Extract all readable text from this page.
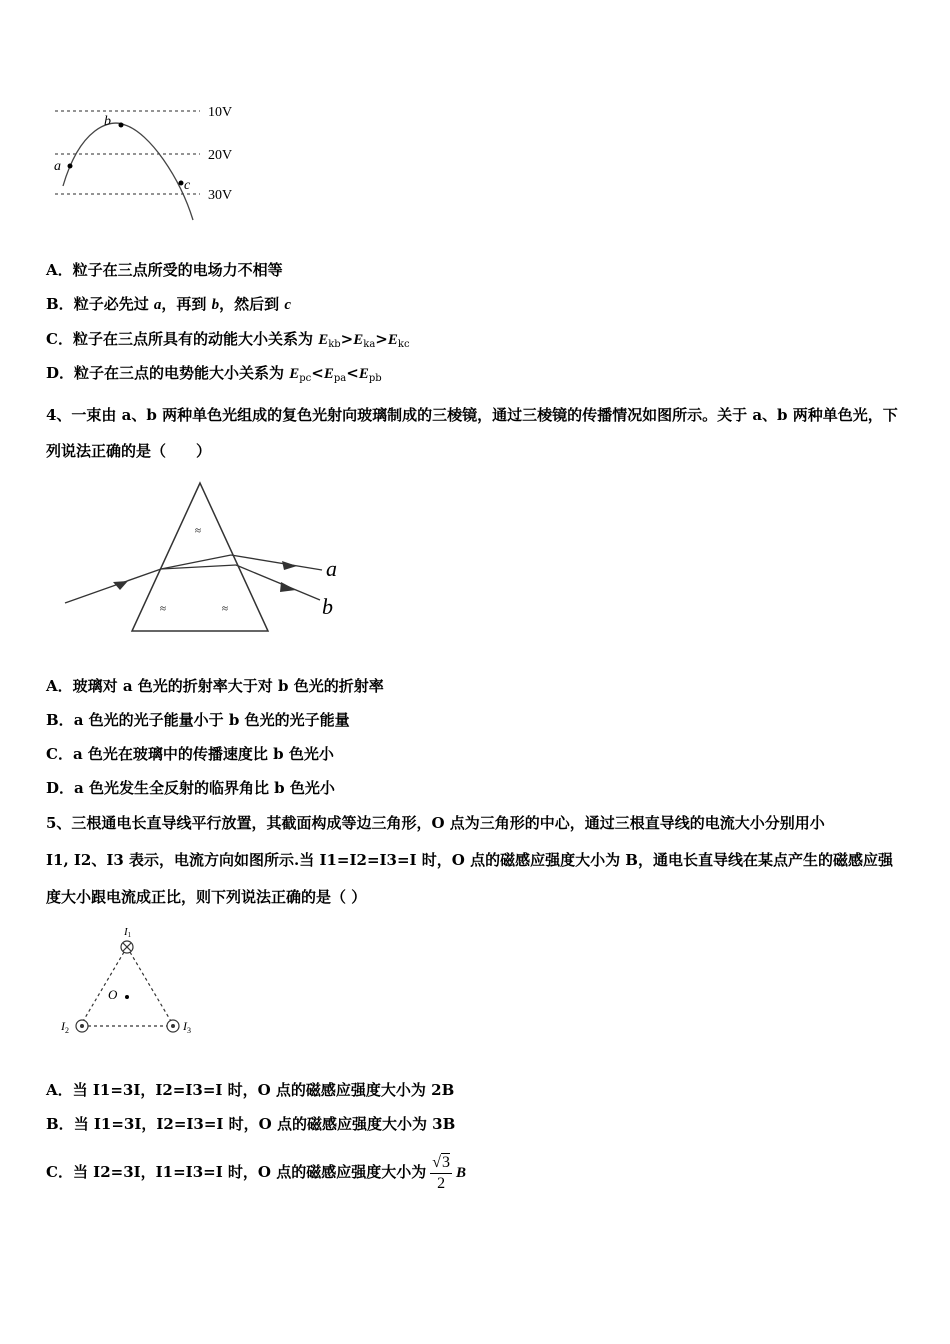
10V
20V
30V
a
b
c
A．粒子在三点所受的电场力不相等
B．粒子必先过 a，再到 b，然后到 c
C．粒子在三点所具有的动能大小关系为 $E_{kb}>E_{ka}>E_{kc}$
D．粒子在三点的电势能大小关系为 $E_{pc}<E_{pa}<E_{pb}$
4、一束由 a、b 两种单色光组成的复色光射向玻璃制成的三棱镜，通过三棱镜的传播情况如图所示。关于 a、b 两种单色光，下列说法正确的是（　　）
≈
≈	≈
a
b
A．玻璃对 a 色光的折射率大于对 b 色光的折射率
B．a 色光的光子能量小于 b 色光的光子能量
C．a 色光在玻璃中的传播速度比 b 色光小
D．a 色光发生全反射的临界角比 b 色光小
5、三根通电长直导线平行放置，其截面构成等边三角形，O 点为三角形的中心，通过三根直导线的电流大小分别用小
I1, I2、I3 表示，电流方向如图所示.当 I1=I2=I3=I 时，O 点的磁感应强度大小为 B，通电长直导线在某点产生的磁感应强
度大小跟电流成正比，则下列说法正确的是（ ）
O
I1
$I_2$	$I_3$
A．当 I1=3I，I2=I3=I 时，O 点的磁感应强度大小为 2B
B．当 I1=3I，I2=I3=I 时，O 点的磁感应强度大小为 3B
C．当 I2=3I，I1=I3=I 时，O 点的磁感应强度大小为 $\frac{√3}{2}$ B
